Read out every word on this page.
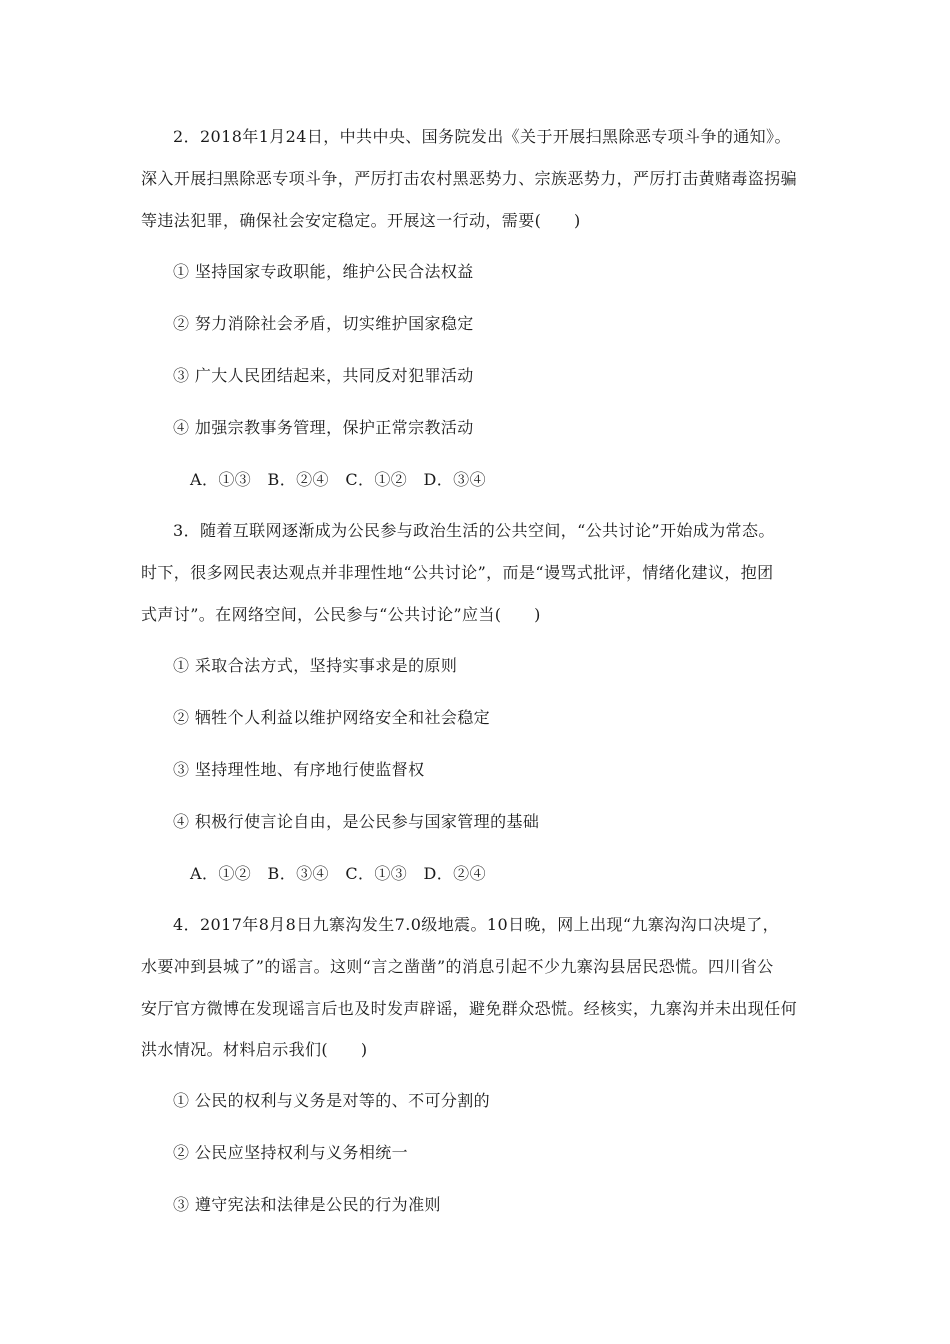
2．2018年1月24日，中共中央、国务院发出《关于开展扫黑除恶专项斗争的通知》。
深入开展扫黑除恶专项斗争，严厉打击农村黑恶势力、宗族恶势力，严厉打击黄赌毒盗拐骗
等违法犯罪，确保社会安定稳定。开展这一行动，需要(　　)
① 坚持国家专政职能，维护公民合法权益
② 努力消除社会矛盾，切实维护国家稳定
③ 广大人民团结起来，共同反对犯罪活动
④ 加强宗教事务管理，保护正常宗教活动
A．①③　B．②④　C．①②　D．③④
3．随着互联网逐渐成为公民参与政治生活的公共空间，“公共讨论”开始成为常态。
时下，很多网民表达观点并非理性地“公共讨论”，而是“谩骂式批评，情绪化建议，抱团
式声讨”。在网络空间，公民参与“公共讨论”应当(　　)
① 采取合法方式，坚持实事求是的原则
② 牺牲个人利益以维护网络安全和社会稳定
③ 坚持理性地、有序地行使监督权
④ 积极行使言论自由，是公民参与国家管理的基础
A．①②　B．③④　C．①③　D．②④
4．2017年8月8日九寨沟发生7.0级地震。10日晚，网上出现“九寨沟沟口决堤了，
水要冲到县城了”的谣言。这则“言之凿凿”的消息引起不少九寨沟县居民恐慌。四川省公
安厅官方微博在发现谣言后也及时发声辟谣，避免群众恐慌。经核实，九寨沟并未出现任何
洪水情况。材料启示我们(　　)
① 公民的权利与义务是对等的、不可分割的
② 公民应坚持权利与义务相统一
③ 遵守宪法和法律是公民的行为准则
